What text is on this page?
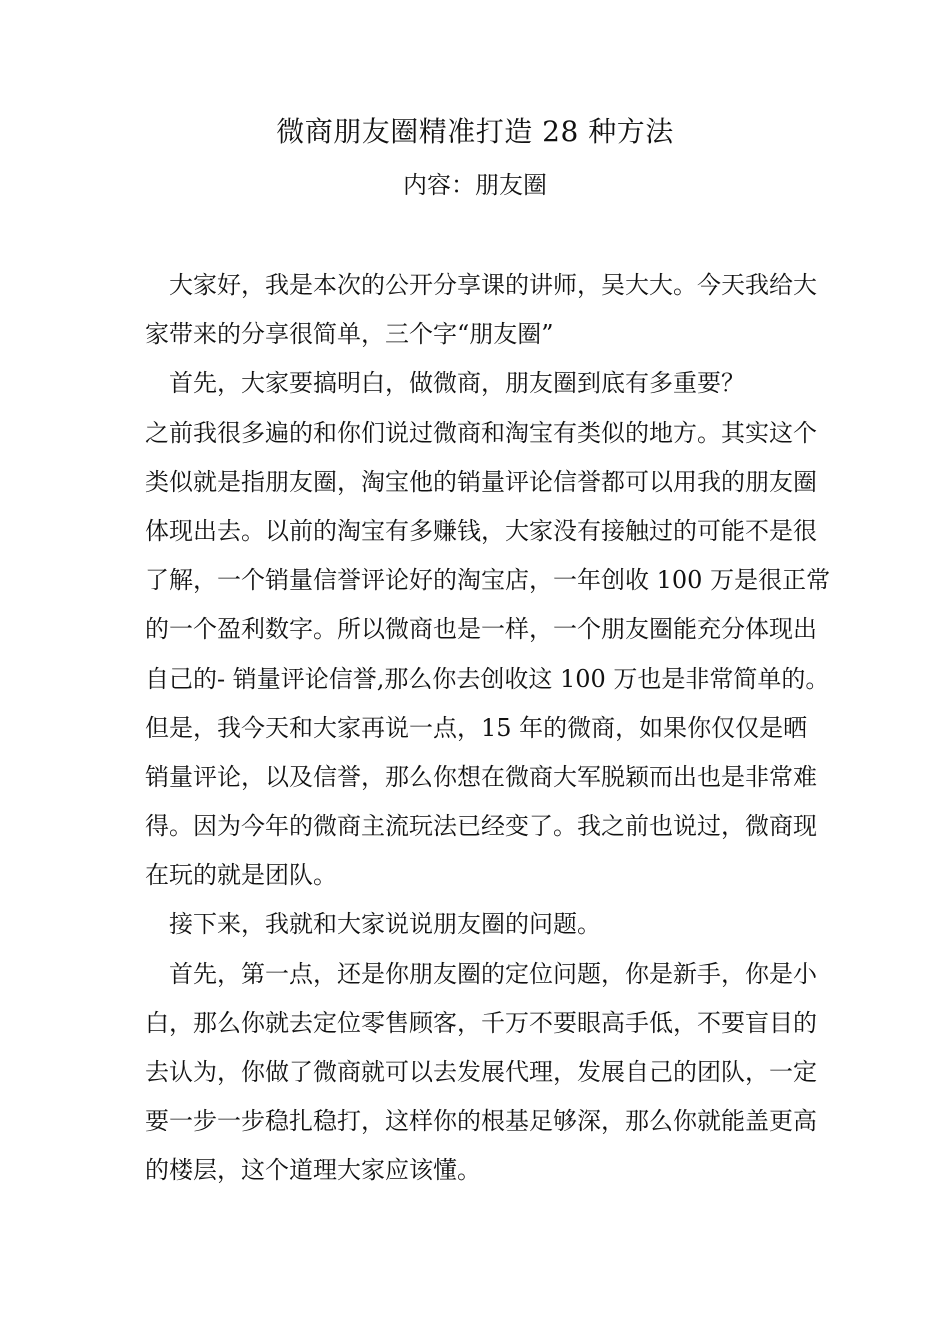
微商朋友圈精准打造 28 种方法
内容：朋友圈
大家好，我是本次的公开分享课的讲师，吴大大。今天我给大
家带来的分享很简单，三个字“朋友圈”
首先，大家要搞明白，做微商，朋友圈到底有多重要？
之前我很多遍的和你们说过微商和淘宝有类似的地方。其实这个
类似就是指朋友圈，淘宝他的销量评论信誉都可以用我的朋友圈
体现出去。以前的淘宝有多赚钱，大家没有接触过的可能不是很
了解，一个销量信誉评论好的淘宝店，一年创收 100 万是很正常
的一个盈利数字。所以微商也是一样，一个朋友圈能充分体现出
自己的- 销量评论信誉,那么你去创收这 100 万也是非常简单的。
但是，我今天和大家再说一点，15 年的微商，如果你仅仅是晒
销量评论，以及信誉，那么你想在微商大军脱颖而出也是非常难
得。因为今年的微商主流玩法已经变了。我之前也说过，微商现
在玩的就是团队。
接下来，我就和大家说说朋友圈的问题。
首先，第一点，还是你朋友圈的定位问题，你是新手，你是小
白，那么你就去定位零售顾客，千万不要眼高手低，不要盲目的
去认为，你做了微商就可以去发展代理，发展自己的团队，一定
要一步一步稳扎稳打，这样你的根基足够深，那么你就能盖更高
的楼层，这个道理大家应该懂。
